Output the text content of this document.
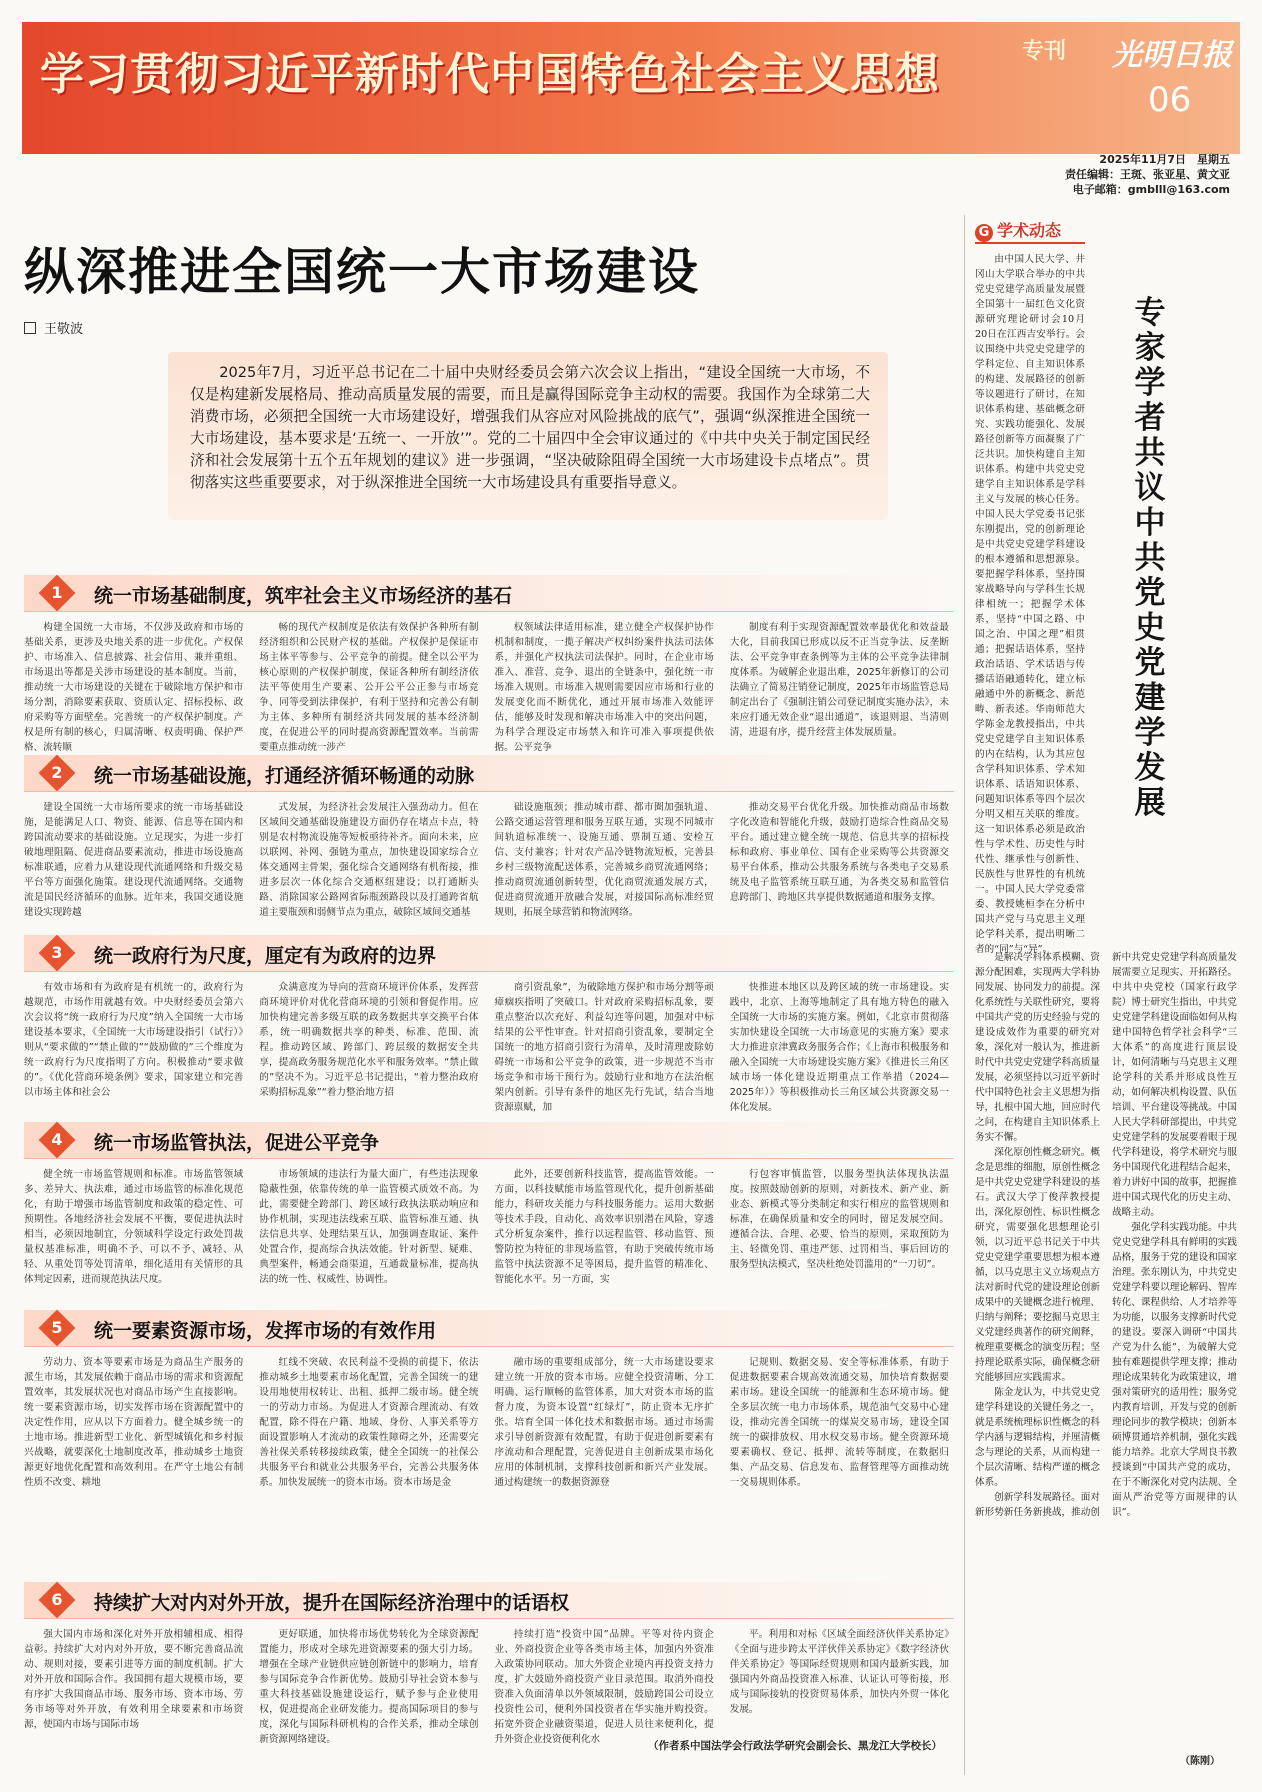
学习贯彻习近平新时代中国特色社会主义思想	专刊	光明日报
06
2025年11月7日　星期五
责任编辑：王斑、张亚星、黄文亚
电子邮箱：gmblll@163.com
纵深推进全国统一大市场建设
王敬波
2025年7月，习近平总书记在二十届中央财经委员会第六次会议上指出，“建设全国统一大市场，不仅是构建新发展格局、推动高质量发展的需要，而且是赢得国际竞争主动权的需要。我国作为全球第二大消费市场，必须把全国统一大市场建设好，增强我们从容应对风险挑战的底气”，强调“纵深推进全国统一大市场建设，基本要求是‘五统一、一开放’”。党的二十届四中全会审议通过的《中共中央关于制定国民经济和社会发展第十五个五年规划的建议》进一步强调，“坚决破除阻碍全国统一大市场建设卡点堵点”。贯彻落实这些重要要求，对于纵深推进全国统一大市场建设具有重要指导意义。
1	统一市场基础制度，筑牢社会主义市场经济的基石
构建全国统一大市场，不仅涉及政府和市场的基础关系，更涉及央地关系的进一步优化。产权保护、市场准入、信息披露、社会信用、兼并重组、市场退出等都是关涉市场建设的基本制度。当前，推动统一大市场建设的关键在于破除地方保护和市场分割，消除要素获取、资质认定、招标投标、政府采购等方面壁垒。完善统一的产权保护制度。产权是所有制的核心，归属清晰、权责明确、保护严格、流转顺
畅的现代产权制度是依法有效保护各种所有制经济组织和公民财产权的基础。产权保护是保证市场主体平等参与、公平竞争的前提。健全以公平为核心原则的产权保护制度，保证各种所有制经济依法平等使用生产要素、公开公平公正参与市场竞争、同等受到法律保护，有利于坚持和完善公有制为主体、多种所有制经济共同发展的基本经济制度，在促进公平的同时提高资源配置效率。当前需要重点推动统一涉产
权领域法律适用标准，建立健全产权保护协作机制和制度，一揽子解决产权纠纷案件执法司法体系，并强化产权执法司法保护。同时，在企业市场准入、准营、竞争、退出的全链条中，强化统一市场准入规则。市场准入规则需要因应市场和行业的发展变化而不断优化，通过开展市场准入效能评估，能够及时发现和解决市场准入中的突出问题，为科学合理设定市场禁入和许可准入事项提供依据。公平竞争
制度有利于实现资源配置效率最优化和效益最大化，目前我国已形成以反不正当竞争法、反垄断法、公平竞争审查条例等为主体的公平竞争法律制度体系。为破解企业退出难，2025年新修订的公司法确立了简易注销登记制度，2025年市场监管总局制定出台了《强制注销公司登记制度实施办法》，未来应打通无效企业“退出通道”，该退则退、当清则清，进退有序，提升经营主体发展质量。
2	统一市场基础设施，打通经济循环畅通的动脉
建设全国统一大市场所要求的统一市场基础设施，是能满足人口、物资、能源、信息等在国内和跨国流动要求的基础设施。立足现实，为进一步打破地理阻隔、促进商品要素流动，推进市场设施高标准联通，应着力从建设现代流通网络和升级交易平台等方面强化施策。建设现代流通网络。交通物流是国民经济循环的血脉。近年来，我国交通设施建设实现跨越
式发展，为经济社会发展注入强劲动力。但在区域间交通基础设施建设方面仍存在堵点卡点，特别是农村物流设施等短板亟待补齐。面向未来，应以联网、补网、强链为重点，加快建设国家综合立体交通网主骨架，强化综合交通网络有机衔接，推进多层次一体化综合交通枢纽建设；以打通断头路、消除国家公路网省际瓶颈路段以及打通跨省航道主要瓶颈和弱侧节点为重点，破除区域间交通基
础设施瓶颈；推动城市群、都市圈加强轨道、公路交通运营管理和服务互联互通，实现不同城市间轨道标准统一、设施互通、票制互通、安检互信、支付兼容；针对农产品冷链物流短板，完善县乡村三级物流配送体系，完善城乡商贸流通网络；推动商贸流通创新转型，优化商贸流通发展方式，促进商贸流通开放融合发展，对接国际高标准经贸规则，拓展全球营销和物流网络。
推动交易平台优化升级。加快推动商品市场数字化改造和智能化升级，鼓励打造综合性商品交易平台。通过建立健全统一规范、信息共享的招标投标和政府、事业单位、国有企业采购等公共资源交易平台体系，推动公共服务系统与各类电子交易系统及电子监管系统互联互通，为各类交易和监管信息跨部门、跨地区共享提供数据通道和服务支撑。
3	统一政府行为尺度，厘定有为政府的边界
有效市场和有为政府是有机统一的，政府行为越规范，市场作用就越有效。中央财经委员会第六次会议将“统一政府行为尺度”纳入全国统一大市场建设基本要求，《全国统一大市场建设指引（试行）》则从“要求做的”“禁止做的”“鼓励做的”三个维度为统一政府行为尺度指明了方向。积极推动“要求做的”。《优化营商环境条例》要求，国家建立和完善以市场主体和社会公
众满意度为导向的营商环境评价体系，发挥营商环境评价对优化营商环境的引领和督促作用。应加快构建完善多级互联的政务数据共享交换平台体系，统一明确数据共享的种类、标准、范围、流程。推动跨区域、跨部门、跨层级的数据安全共享，提高政务服务规范化水平和服务效率。“禁止做的”坚决不为。习近平总书记提出，“着力整治政府采购招标乱象”“着力整治地方招
商引资乱象”，为破除地方保护和市场分割等顽瘴痼疾指明了突破口。针对政府采购招标乱象，要重点整治以次充好、利益勾连等问题，加强对中标结果的公平性审查。针对招商引资乱象，要制定全国统一的地方招商引资行为清单，及时清理废除妨碍统一市场和公平竞争的政策，进一步规范不当市场竞争和市场干预行为。鼓励行业和地方在法治框架内创新。引导有条件的地区先行先试，结合当地资源禀赋，加
快推进本地区以及跨区域的统一市场建设。实践中，北京、上海等地制定了具有地方特色的融入全国统一大市场的实施方案。例如，《北京市贯彻落实加快建设全国统一大市场意见的实施方案》要求大力推进京津冀政务服务合作；《上海市积极服务和融入全国统一大市场建设实施方案》《推进长三角区域市场一体化建设近期重点工作举措（2024—2025年）》等积极推动长三角区域公共资源交易一体化发展。
4	统一市场监管执法，促进公平竞争
健全统一市场监管规则和标准。市场监管领域多、差异大、执法难，通过市场监管的标准化规范化，有助于增强市场监管制度和政策的稳定性、可预期性。各地经济社会发展不平衡，要促进执法时相当，必须因地制宜，分领域科学设定行政处罚裁量权基准标准，明确不予、可以不予、减轻、从轻、从重处罚等处罚清单，细化适用有关情形的具体判定因素，进而规范执法尺度。
市场领域的违法行为量大面广，有些违法现象隐蔽性强，依靠传统的单一监管模式质效不高。为此，需要健全跨部门、跨区域行政执法联动响应和协作机制，实现违法线索互联、监管标准互通、执法信息共享、处理结果互认，加强调查取证、案件处置合作，提高综合执法效能。针对新型、疑难、典型案件，畅通会商渠道，互通裁量标准，提高执法的统一性、权威性、协调性。
此外，还要创新科技监管，提高监管效能。一方面，以科技赋能市场监管现代化，提升创新基础能力，科研攻关能力与科技服务能力。运用大数据等技术手段，自动化、高效率识别潜在风险，穿透式分析复杂案件，推行以远程监管、移动监管、预警防控为特征的非现场监管，有助于突破传统市场监管中执法资源不足等困局，提升监管的精准化、智能化水平。另一方面，实
行包容审慎监管，以服务型执法体现执法温度。按照鼓励创新的原则，对新技术、新产业、新业态、新模式等分类制定和实行相应的监管规则和标准，在确保质量和安全的同时，留足发展空间。遵循合法、合理、必要、恰当的原则，采取预防为主、轻微免罚、重违严惩、过罚相当、事后回访的服务型执法模式，坚决杜绝处罚滥用的“一刀切”。
5	统一要素资源市场，发挥市场的有效作用
劳动力、资本等要素市场是为商品生产服务的派生市场，其发展依赖于商品市场的需求和资源配置效率，其发展状况也对商品市场产生直接影响。统一要素资源市场，切实发挥市场在资源配置中的决定性作用，应从以下方面着力。健全城乡统一的土地市场。推进新型工业化、新型城镇化和乡村振兴战略，就要深化土地制度改革，推动城乡土地资源更好地优化配置和高效利用。在严守土地公有制性质不改变、耕地
红线不突破、农民利益不受损的前提下，依法推动城乡土地要素市场化配置，完善全国统一的建设用地使用权转让、出租、抵押二级市场。健全统一的劳动力市场。为促进人才资源合理流动、有效配置，除不得在户籍、地域、身份、人事关系等方面设置影响人才流动的政策性障碍之外，还需要完善社保关系转移接续政策，健全全国统一的社保公共服务平台和就业公共服务平台，完善公共服务体系。加快发展统一的资本市场。资本市场是金
融市场的重要组成部分，统一大市场建设要求建立统一开放的资本市场。应健全投资清晰、分工明确、运行顺畅的监管体系，加大对资本市场的监督力度，为资本设置“红绿灯”，防止资本无序扩张。培育全国一体化技术和数据市场。通过市场需求引导创新资源有效配置，有助于促进创新要素有序流动和合理配置，完善促进自主创新成果市场化应用的体制机制，支撑科技创新和新兴产业发展。通过构建统一的数据资源登
记规则、数据交易、安全等标准体系，有助于促进数据要素合规高效流通交易，加快培育数据要素市场。建设全国统一的能源和生态环境市场。健全多层次统一电力市场体系，规范油气交易中心建设，推动完善全国统一的煤炭交易市场，建设全国统一的碳排放权、用水权交易市场。健全资源环境要素确权、登记、抵押、流转等制度，在数据归集、产品交易、信息发布、监督管理等方面推动统一交易规则体系。
6	持续扩大对内对外开放，提升在国际经济治理中的话语权
强大国内市场和深化对外开放相辅相成、相得益彰。持续扩大对内对外开放，要不断完善商品流动、规则对接，要素引进等方面的制度机制。扩大对外开放和国际合作。我国拥有超大规模市场，要有序扩大我国商品市场、服务市场、资本市场、劳务市场等对外开放，有效利用全球要素和市场资源，使国内市场与国际市场
更好联通，加快将市场优势转化为全球资源配置能力，形成对全球先进资源要素的强大引力场。增强在全球产业链供应链创新链中的影响力，培育参与国际竞争合作新优势。鼓励引导社会资本参与重大科技基础设施建设运行，赋予参与企业使用权，促进提高企业研发能力。提高国际项目的参与度，深化与国际科研机构的合作关系，推动全球创新资源网络建设。
持续打造“投资中国”品牌。平等对待内资企业、外商投资企业等各类市场主体，加强内外资准入政策协同联动。加大外资企业境内再投资支持力度，扩大鼓励外商投资产业目录范围。取消外商投资准入负面清单以外领域限制，鼓励跨国公司设立投资性公司，便利外国投资者在华实施并购投资。拓宽外资企业融资渠道，促进人员往来便利化，提升外资企业投资便利化水
平。利用和对标《区域全面经济伙伴关系协定》《全面与进步跨太平洋伙伴关系协定》《数字经济伙伴关系协定》等国际经贸规则和国内最新实践，加强国内外商品投资准入标准、认证认可等衔接，形成与国际接轨的投资贸易体系，加快内外贸一体化发展。
（作者系中国法学会行政法学研究会副会长、黑龙江大学校长）
G 学术动态
由中国人民大学、井冈山大学联合举办的中共党史党建学高质量发展暨全国第十一届红色文化资源研究理论研讨会10月20日在江西吉安举行。会议围绕中共党史党建学的学科定位、自主知识体系的构建、发展路径的创新等议题进行了研讨，在知识体系构建、基础概念研究、实践功能强化、发展路径创新等方面凝聚了广泛共识。加快构建自主知识体系。构建中共党史党建学自主知识体系是学科主义与发展的核心任务。中国人民大学党委书记张东刚提出，党的创新理论是中共党史党建学科建设的根本遵循和思想源泉。要把握学科体系，坚持围家战略导向与学科生长规律相统一；把握学术体系，坚持“中国之路、中国之治、中国之理”相贯通；把握话语体系，坚持政治话语、学术话语与传播话语融通转化，建立标融通中外的新概念、新范畴、新表述。华南师范大学陈金龙教授指出，中共党史党建学自主知识体系的内在结构，认为其应包含学科知识体系、学术知识体系、话语知识体系、问题知识体系等四个层次分明又相互关联的维度。这一知识体系必须是政治性与学术性、历史性与时代性、继承性与创新性、民族性与世界性的有机统一。中国人民大学党委常委、教授姚桓李在分析中国共产党与马克思主义理论学科关系，提出明晰二者的“同”与“异”。
专家学者共议中共党史党建学发展

是解决学科体系模糊、资源分配困难，实现两大学科协同发展、协同发力的前提。深化系统性与关联性研究，要将中国共产党的历史经验与党的建设成效作为重要的研究对象，深化对一般认为，推进新时代中共党史党建学科高质量发展，必须坚持以习近平新时代中国特色社会主义思想为指导，扎根中国大地，回应时代之问，在构建自主知识体系上务实不懈。

深化原创性概念研究。概念是思维的细胞，原创性概念是中共党史党建学科建设的基石。武汉大学丁俊萍教授提出，深化原创性、标识性概念研究，需要强化思想理论引领，以习近平总书记关于中共党史党建学重要思想为根本遵循，以马克思主义立场观点方法对新时代党的建设理论创新成果中的关键概念进行梳理、归纳与阐释；要挖掘马克思主义党建经典著作的研究阐释，梳理重要概念的演变历程；坚持理论联系实际，确保概念研究能够回应实践需求。

陈金龙认为，中共党史党建学科建设的关键任务之一，就是系统梳理标识性概念的科学内涵与逻辑结构，并厘清概念与理论的关系，从而构建一个层次清晰、结构严谨的概念体系。

创新学科发展路径。面对新形势新任务新挑战，推动创新中共党史党建学科高质量发展需要立足现实、开拓路径。中共中央党校（国家行政学院）博士研究生指出，中共党史党建学科建设面临如何从构建中国特色哲学社会科学“三大体系”的高度进行顶层设计，如何清晰与马克思主义理论学科的关系并形成良性互动，如何解决机构设置、队伍培训、平台建设等挑战。中国人民大学科研部提出，中共党史党建学科的发展要着眼于现代学科建设，将学术研究与服务中国现代化进程结合起来，着力讲好中国的故事，把握推进中国式现代化的历史主动、战略主动。

强化学科实践功能。中共党史党建学科具有鲜明的实践品格，服务于党的建设和国家治理。张东刚认为，中共党史党建学科要以理论解码、智库转化、课程供给、人才培养等为功能，以服务支撑新时代党的建设。要深入调研“中国共产党为什么能”，为破解大党独有难题提供学理支撑；推动理论成果转化为政策建议，增强对策研究的适用性；服务党内教育培训，开发与党的创新理论同步的教学模块；创新本硕博贯通培养机制，强化实践能力培养。北京大学周良书教授谈到“中国共产党的成功，在于不断深化对党内法规、全面从严治党等方面规律的认识”。

（陈刚）
